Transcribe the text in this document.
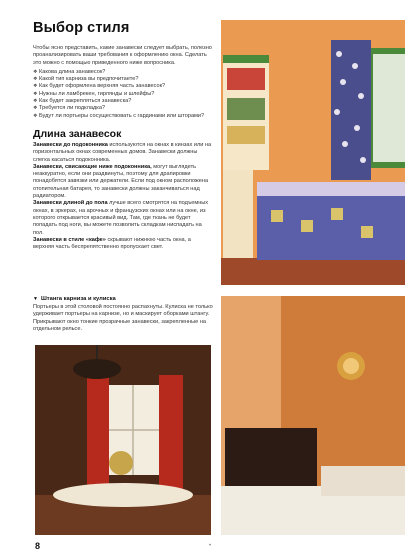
Выбор стиля

Чтобы ясно представить, какие занавески следует выбрать, полезно проанализировать ваши требования к оформлению окна. Сделать это можно с помощью приведенного ниже вопросника.

❖ Какова длина занавесок?
❖ Какой тип карниза вы предпочитаете?
❖ Как будет оформлена верхняя часть занавесок?
❖ Нужны ли ламбрекен, гирлянды и шлейфы?
❖ Как будет закрепляться занавеска?
❖ Требуется ли подкладка?
❖ Будут ли портьеры сосуществовать с гардинами или шторами?
Длина занавесок

Занавески до подоконника используются на окнах в кинзах или на горизонтальных окнах современных домов. Занавески должны слегка касаться подоконника.

Занавески, свисающие ниже подоконника, могут выглядеть неаккуратно, если они раздвинуты, поэтому для драпировки понадобятся завязки или держатели. Если под окном расположена отопительная батарея, то занавески должны заканчиваться над радиатором.

Занавески длиной до пола лучше всего смотрятся на подъемных окнах, в эркерах, на арочных и французских окнах или на окне, из которого открывается красивый вид. Там, где ткань не будет попадать под ноги, вы можете позволить складкам ниспадать на пол.

Занавески в стиле «кафе» скрывают нижнюю часть окна, а верхняя часть беспрепятственно пропускает свет.

▼ Штанга карниза и кулиска

Портьеры в этой столовой постоянно распахнуты. Кулиска не только удерживает портьеры на карнизе, но и маскирует оборками штангу. Прикрывают окно тонкие прозрачные занавески, закрепленные на отдельном рельсе.

8	•
